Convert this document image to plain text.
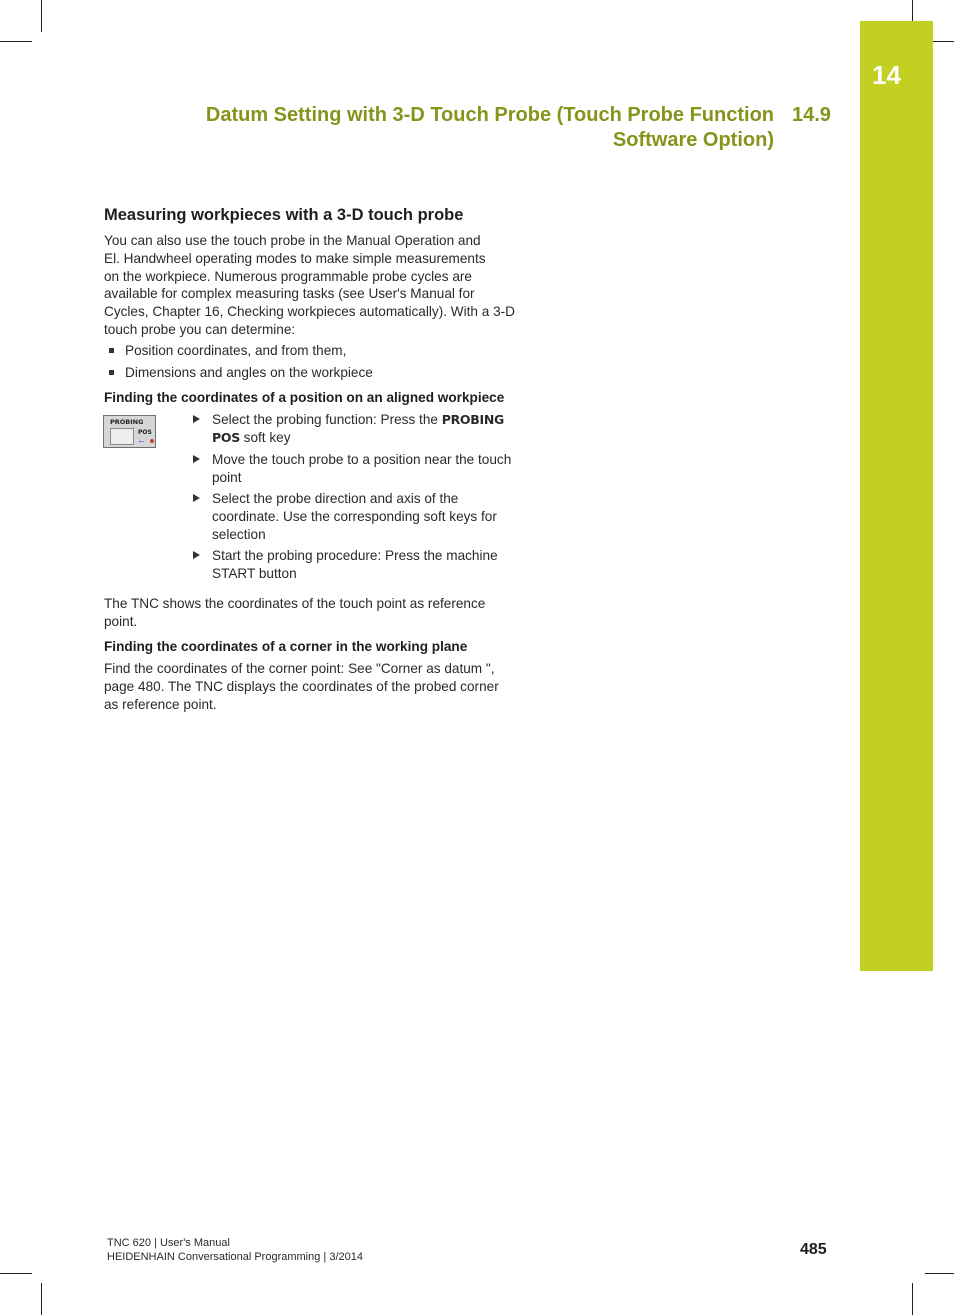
14
Datum Setting with 3-D Touch Probe (Touch Probe Function
Software Option)
14.9
Measuring workpieces with a 3-D touch probe
You can also use the touch probe in the Manual Operation and
El. Handwheel operating modes to make simple measurements
on the workpiece. Numerous programmable probe cycles are
available for complex measuring tasks (see User's Manual for
Cycles, Chapter 16, Checking workpieces automatically). With a 3-D
touch probe you can determine:
Position coordinates, and from them,
Dimensions and angles on the workpiece
Finding the coordinates of a position on an aligned workpiece
PROBING
POS
←
Select the probing function: Press the PROBING
POS soft key
Move the touch probe to a position near the touch
point
Select the probe direction and axis of the
coordinate. Use the corresponding soft keys for
selection
Start the probing procedure: Press the machine
START button
The TNC shows the coordinates of the touch point as reference
point.
Finding the coordinates of a corner in the working plane
Find the coordinates of the corner point: See "Corner as datum ",
page 480. The TNC displays the coordinates of the probed corner
as reference point.
TNC 620 | User's Manual
HEIDENHAIN Conversational Programming | 3/2014	485
